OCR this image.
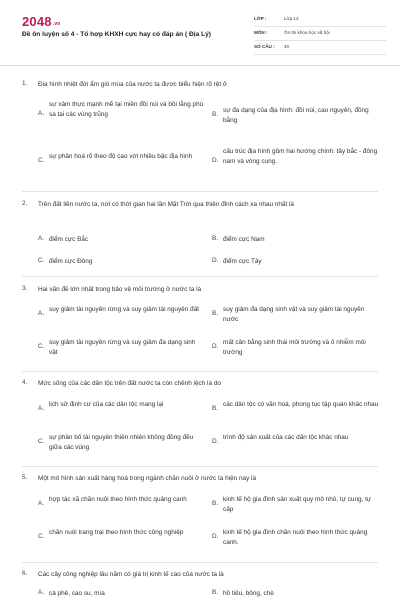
2048.vn
Đề ôn luyện số 4 - Tổ hợp KHXH cực hay có đáp án ( Địa Lý)
LỚP :	Lớp 12
MÔN :	Ôn thi khoa học xã hội
SỐ CÂU : 40
1. Địa hình nhiệt đới ẩm gió mùa của nước ta được biểu hiện rõ rệt ở
A.
sự xâm thực mạnh mẽ tại miền đồi núi và bồi lắng phù sa tại các vùng trũng	B.
sự đa dạng của địa hình: đồi núi, cao nguyên, đồng bằng
C.
sự phân hoá rõ theo độ cao với nhiều bậc địa hình
D.
cấu trúc địa hình gồm hai hướng chính: tây bắc - đông nam và vòng cung.
2. Trên đất liền nước ta, nơi có thời gian hai lần Mặt Trời qua thiên đỉnh cách xa nhau nhất là
A. điểm cực Bắc	B. điểm cực Nam
C. điểm cực Đông	D. điểm cực Tây
3. Hai vấn đề lớn nhất trong bảo vệ môi trường ở nước ta là
A.
suy giảm tài nguyên rừng và suy giảm tài nguyên đất
B.
suy giảm đa dạng sinh vật và suy giảm tài nguyên nước
C.
suy giảm tài nguyên rừng và suy giảm đa dạng sinh vật
D.
mất cân bằng sinh thái môi trường và ô nhiễm môi trường
4. Mức sống của các dân tộc trên đất nước ta còn chênh lệch là do
A.
lịch sử định cư của các dân tộc mang lại
B.
các dân tộc có văn hoá, phong tục tập quán khác nhau
C.
sự phân bố tài nguyên thiên nhiên không đồng đều giữa các vùng
D.
trình độ sản xuất của các dân tộc khác nhau
5. Một mô hình sản xuất hàng hoá trong ngành chăn nuôi ở nước ta hiện nay là
A.
hợp tác xã chăn nuôi theo hình thức quảng canh
B.
kinh tế hộ gia đình sản xuất quy mô nhỏ, tự cung, tự cấp
C.
chăn nuôi trang trại theo hình thức công nghiệp
D.
kinh tế hộ gia đình chăn nuôi theo hình thức quảng canh.
6. Các cây công nghiệp lâu năm có giá trị kinh tế cao của nước ta là
A. cà phê, cao su, mía	B. hồ tiêu, bông, chè
